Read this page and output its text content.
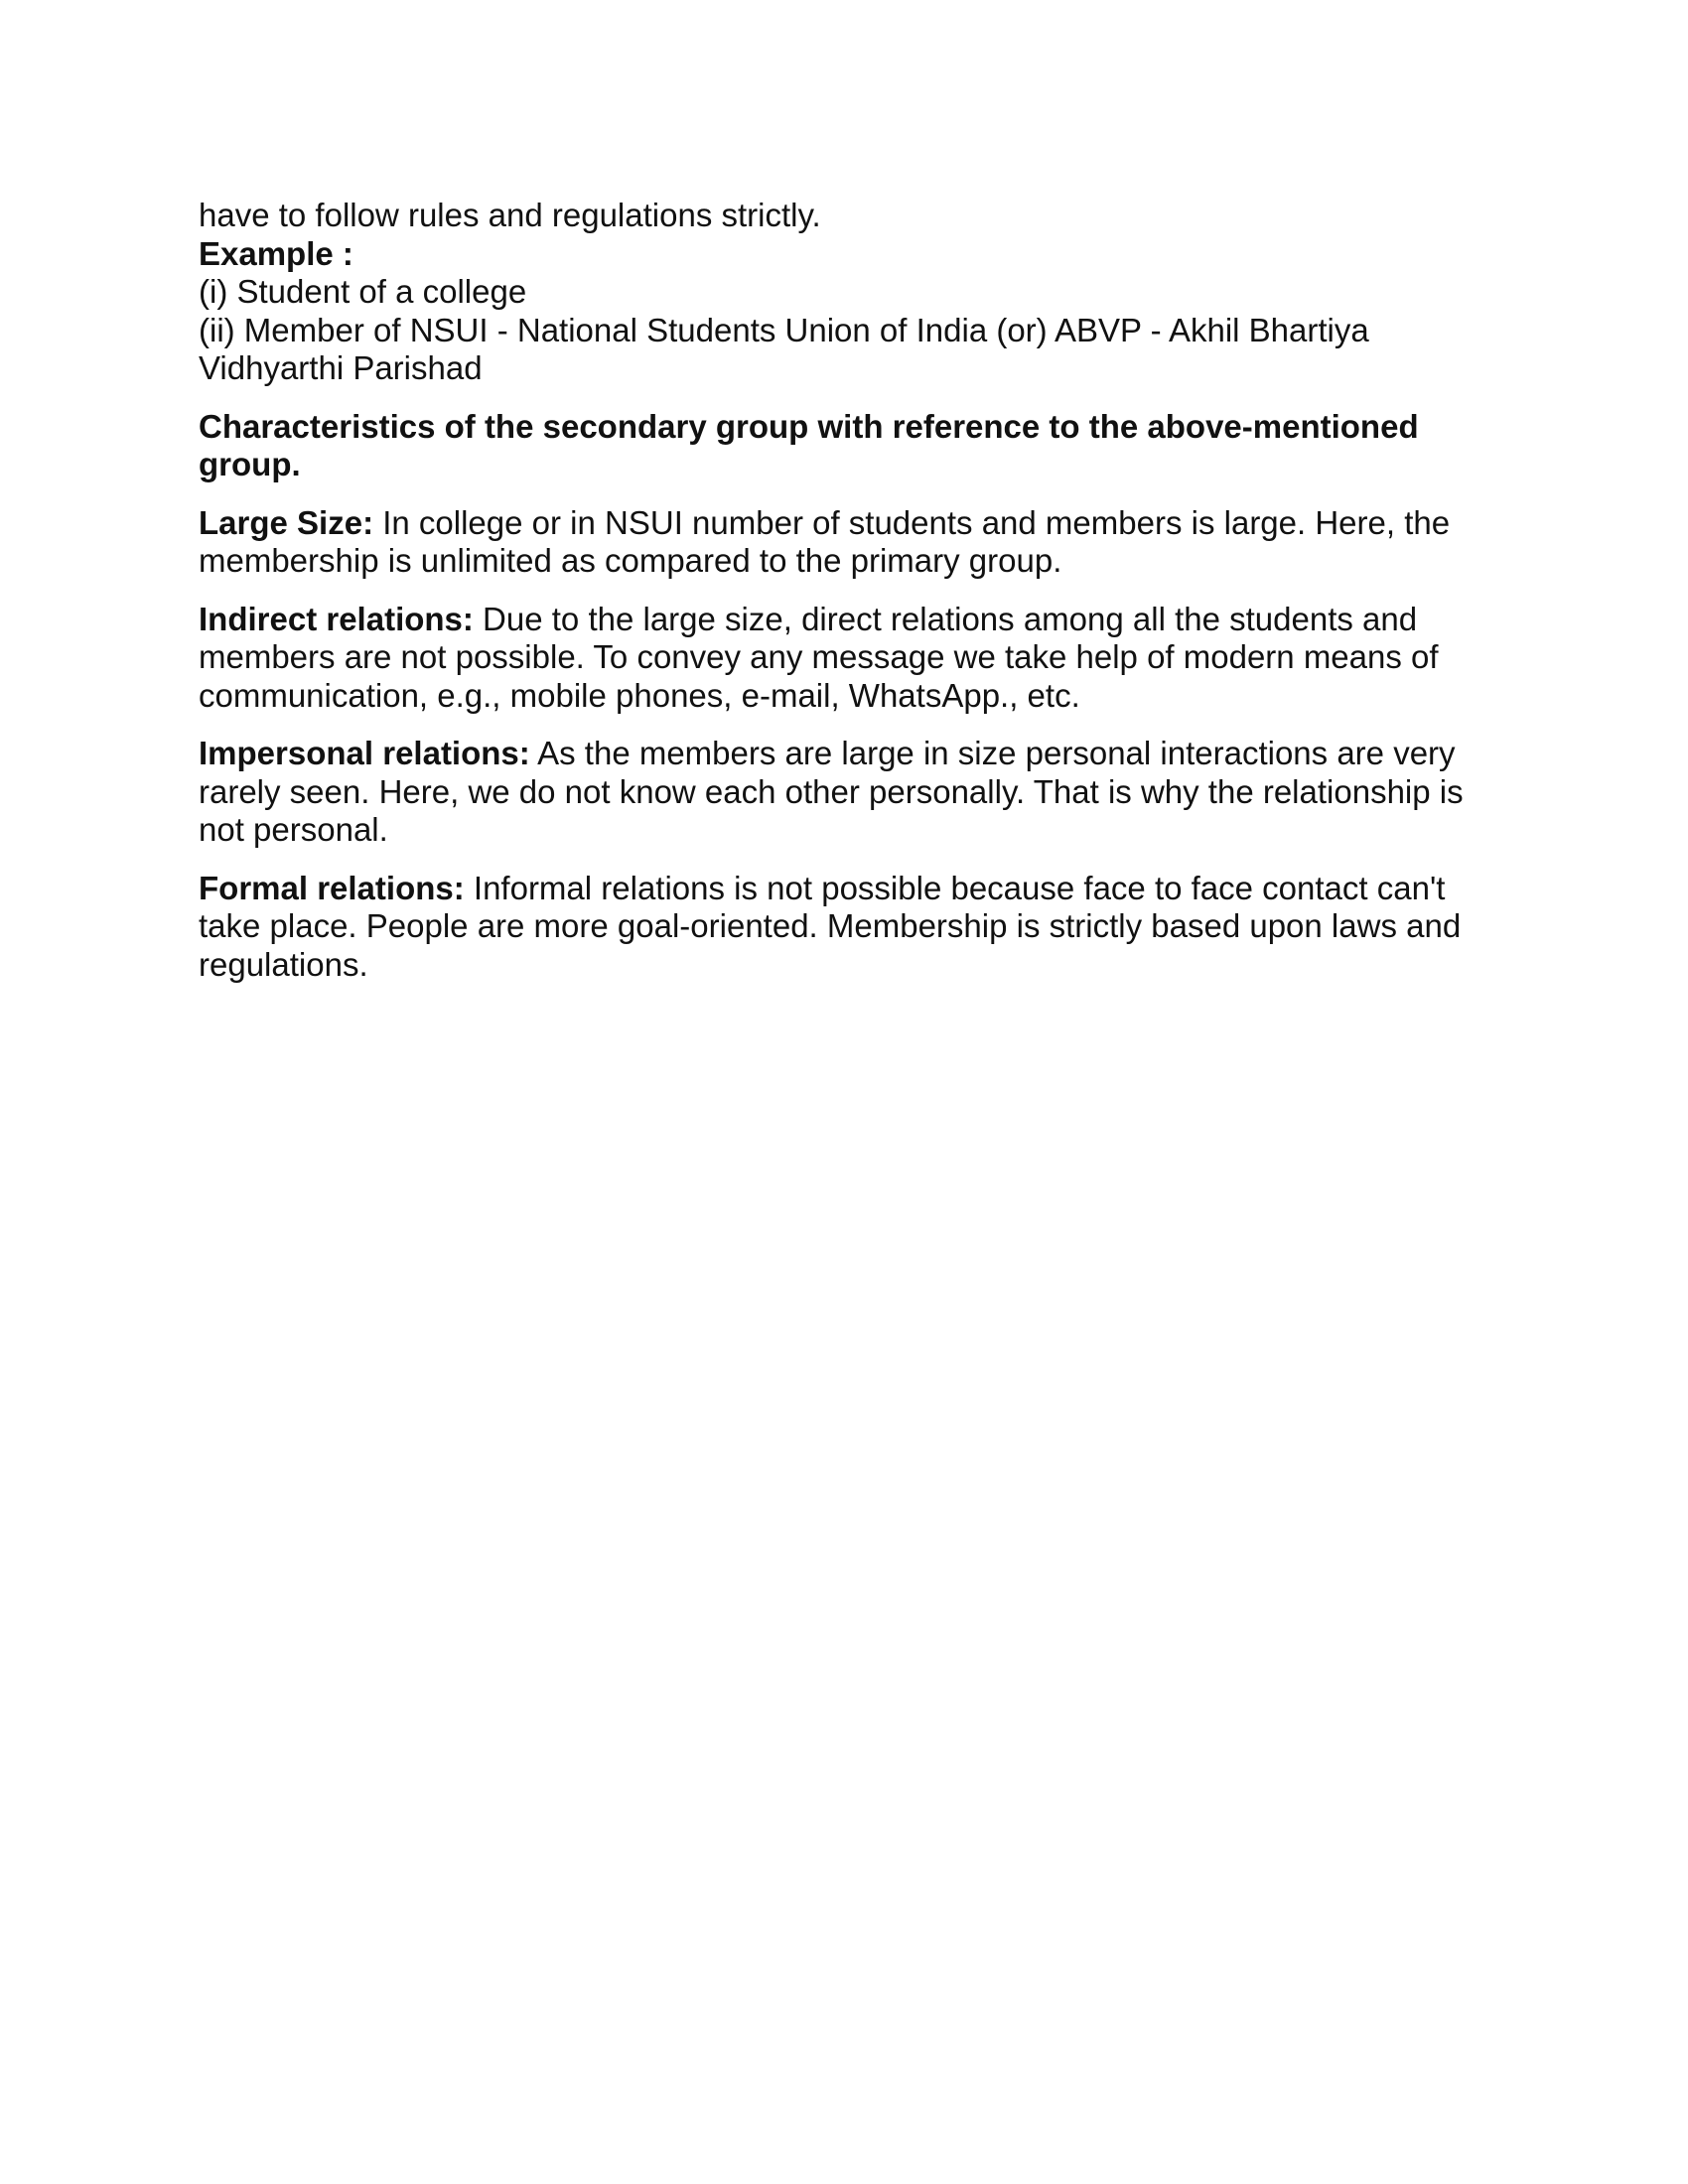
have to follow rules and regulations strictly.
Example :
(i) Student of a college
(ii) Member of NSUI - National Students Union of India (or) ABVP - Akhil Bhartiya
Vidhyarthi Parishad
Characteristics of the secondary group with reference to the above-mentioned
group.
Large Size: In college or in NSUI number of students and members is large. Here, the
membership is unlimited as compared to the primary group.
Indirect relations: Due to the large size, direct relations among all the students and
members are not possible. To convey any message we take help of modern means of
communication, e.g., mobile phones, e-mail, WhatsApp., etc.
Impersonal relations: As the members are large in size personal interactions are very
rarely seen. Here, we do not know each other personally. That is why the relationship is
not personal.
Formal relations: Informal relations is not possible because face to face contact can't
take place. People are more goal-oriented. Membership is strictly based upon laws and
regulations.
